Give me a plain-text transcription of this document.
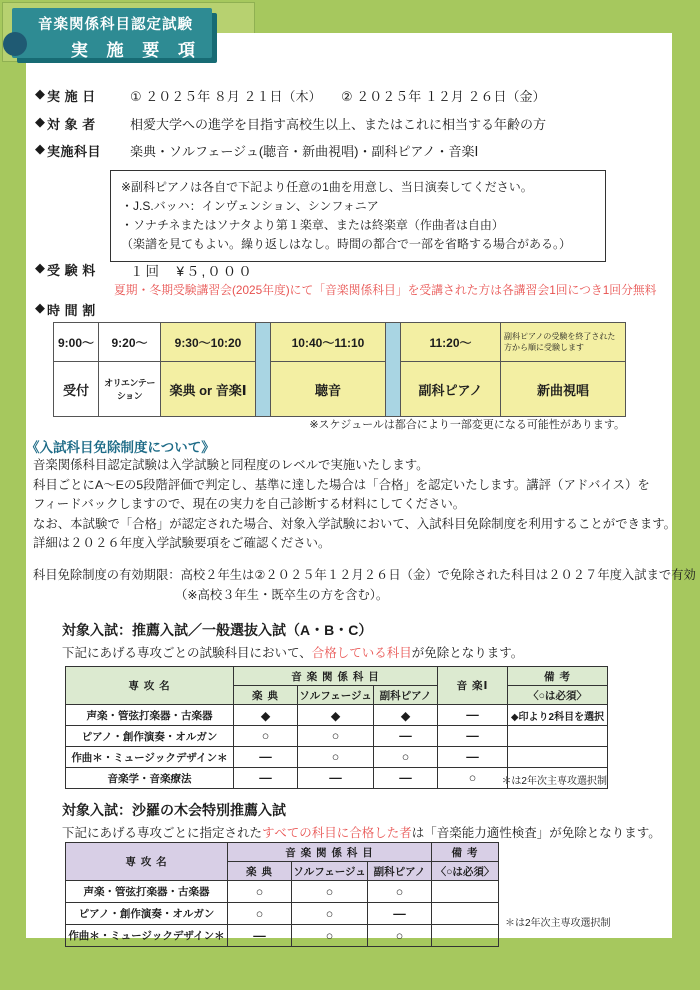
◆ 実 施 日	① ２０２５年 ８月 ２１日（木）　　② ２０２５年 １２月 ２６日（金）
◆ 対 象 者	相愛大学への進学を目指す高校生以上、またはこれに相当する年齢の方
◆ 実施科目	楽典・ソルフェージュ(聴音・新曲視唱)・副科ピアノ・音楽Ⅰ
※副科ピアノは各自で下記より任意の1曲を用意し、当日演奏してください。
・J.S.バッハ：インヴェンション、シンフォニア
・ソナチネまたはソナタより第１楽章、または終楽章（作曲者は自由）
（楽譜を見てもよい。繰り返しはなし。時間の都合で一部を省略する場合がある。）
◆ 受 験 料	１回　¥５,０００
夏期・冬期受験講習会(2025年度)にて「音楽関係科目」を受講された方は各講習会1回につき1回分無料
◆ 時 間 割
9:00～	9:20～	9:30～10:20		10:40～11:10		11:20～	副科ピアノの受験を終了された方から順に受験します
受付	オリエンテーション	楽典 or 音楽Ⅰ		聴音		副科ピアノ	新曲視唱
※スケジュールは都合により一部変更になる可能性があります。
《入試科目免除制度について》
音楽関係科目認定試験は入学試験と同程度のレベルで実施いたします。
科目ごとにA～Eの5段階評価で判定し、基準に達した場合は「合格」を認定いたします。講評（アドバイス）を
フィードバックしますので、現在の実力を自己診断する材料にしてください。
なお、本試験で「合格」が認定された場合、対象入学試験において、入試科目免除制度を利用することができます。
詳細は２０２６年度入学試験要項をご確認ください。
科目免除制度の有効期限：高校２年生は②２０２５年１２月２６日（金）で免除された科目は２０２７年度入試まで有効
（※高校３年生・既卒生の方を含む）。
対象入試：推薦入試／一般選抜入試（A・B・C）
下記にあげる専攻ごとの試験科目において、合格している科目が免除となります。
専 攻 名	音 楽 関 係 科 目			音 楽Ⅰ	備 考
	楽 典	ソルフェージュ	副科ピアノ		〈○は必須〉
声楽・管弦打楽器・古楽器	◆	◆	◆	―	◆印より2科目を選択
ピアノ・創作演奏・オルガン	○	○	―	―	
作曲＊・ミュージックデザイン＊	―	○	○	―	
音楽学・音楽療法	―	―	―	○		＊は2年次主専攻選択制
対象入試：沙羅の木会特別推薦入試
下記にあげる専攻ごとに指定されたすべての科目に合格した者は「音楽能力適性検査」が免除となります。
専 攻 名	音 楽 関 係 科 目			備 考
	楽 典	ソルフェージュ	副科ピアノ	〈○は必須〉
声楽・管弦打楽器・古楽器	○	○	○	
ピアノ・創作演奏・オルガン	○	○	―	
作曲＊・ミュージックデザイン＊	―	○	○	
＊は2年次主専攻選択制
音楽関係科目認定試験
実 施 要 項
